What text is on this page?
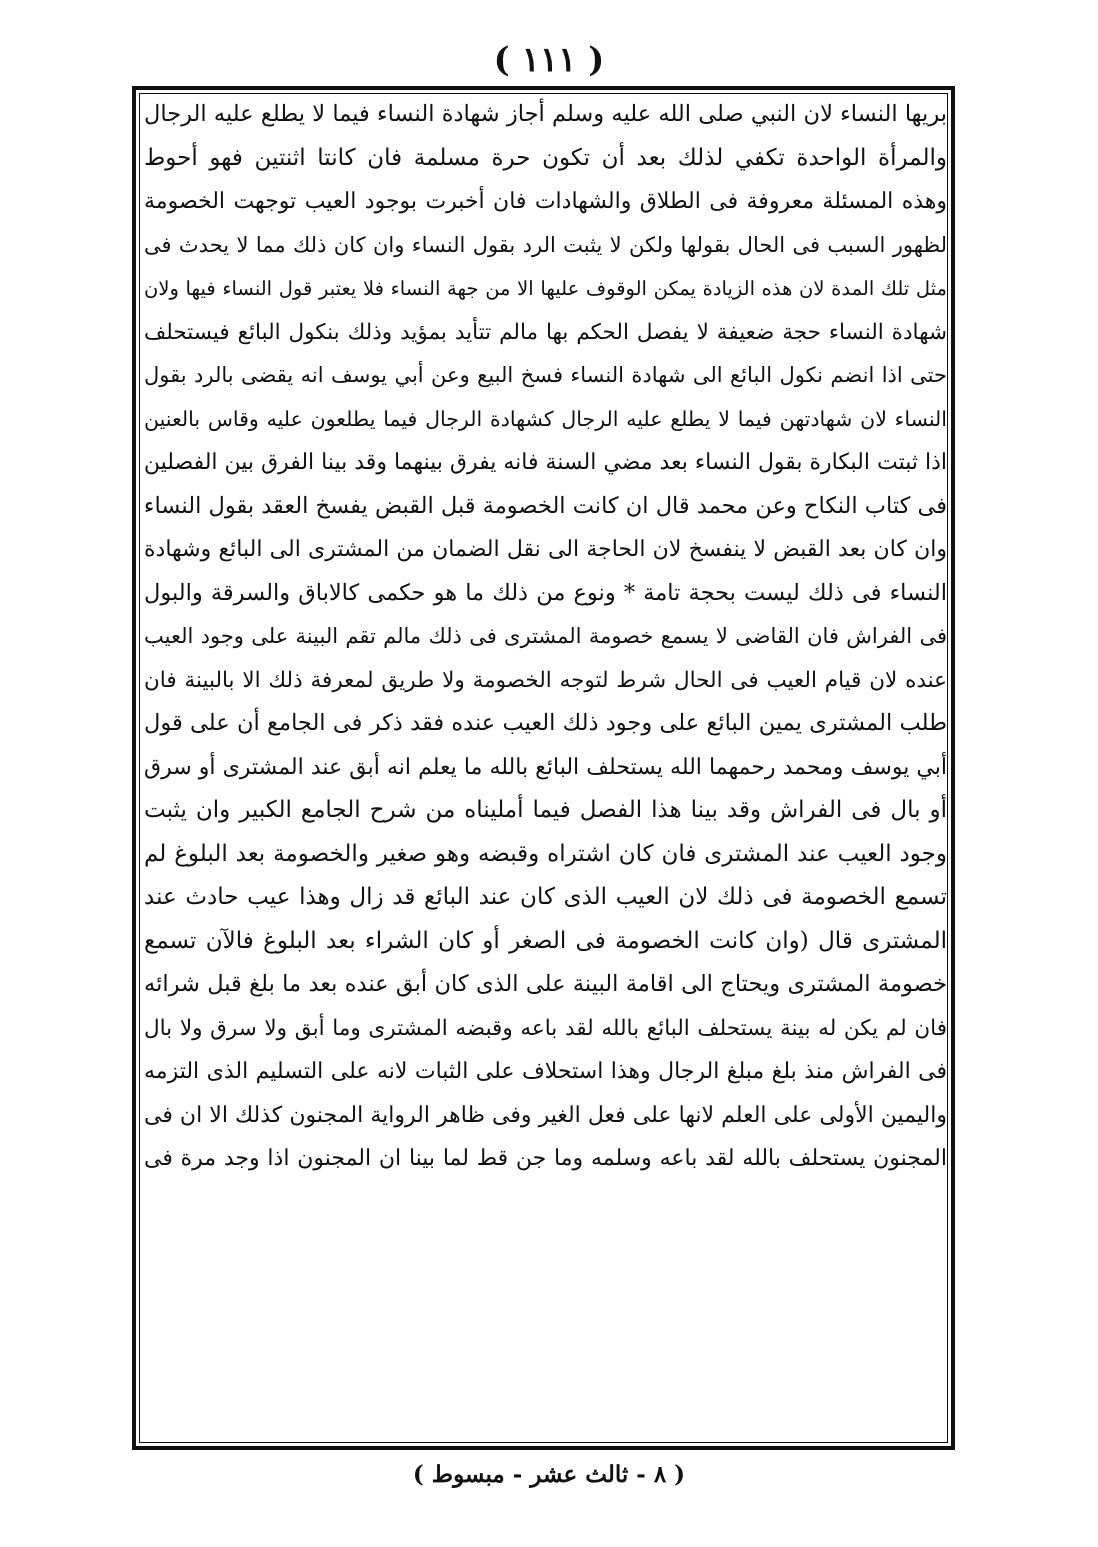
( ١١١ )
بريها النساء لان النبي صلى الله عليه وسلم أجاز شهادة النساء فيما لا يطلع عليه الرجال
والمرأة الواحدة تكفي لذلك بعد أن تكون حرة مسلمة فان كانتا اثنتين فهو أحوط
وهذه المسئلة معروفة فى الطلاق والشهادات فان أخبرت بوجود العيب توجهت الخصومة
لظهور السبب فى الحال بقولها ولكن لا يثبت الرد بقول النساء وان كان ذلك مما لا يحدث فى
مثل تلك المدة لان هذه الزيادة يمكن الوقوف عليها الا من جهة النساء فلا يعتبر قول النساء فيها ولان
شهادة النساء حجة ضعيفة لا يفصل الحكم بها مالم تتأيد بمؤيد وذلك بنكول البائع فيستحلف
حتى اذا انضم نكول البائع الى شهادة النساء فسخ البيع وعن أبي يوسف انه يقضى بالرد بقول
النساء لان شهادتهن فيما لا يطلع عليه الرجال كشهادة الرجال فيما يطلعون عليه وقاس بالعنين
اذا ثبتت البكارة بقول النساء بعد مضي السنة فانه يفرق بينهما وقد بينا الفرق بين الفصلين
فى كتاب النكاح وعن محمد قال ان كانت الخصومة قبل القبض يفسخ العقد بقول النساء
وان كان بعد القبض لا ينفسخ لان الحاجة الى نقل الضمان من المشترى الى البائع وشهادة
النساء فى ذلك ليست بحجة تامة * ونوع من ذلك ما هو حكمى كالاباق والسرقة والبول
فى الفراش فان القاضى لا يسمع خصومة المشترى فى ذلك مالم تقم البينة على وجود العيب
عنده لان قيام العيب فى الحال شرط لتوجه الخصومة ولا طريق لمعرفة ذلك الا بالبينة فان
طلب المشترى يمين البائع على وجود ذلك العيب عنده فقد ذكر فى الجامع أن على قول
أبي يوسف ومحمد رحمهما الله يستحلف البائع بالله ما يعلم انه أبق عند المشترى أو سرق
أو بال فى الفراش وقد بينا هذا الفصل فيما أمليناه من شرح الجامع الكبير وان يثبت
وجود العيب عند المشترى فان كان اشتراه وقبضه وهو صغير والخصومة بعد البلوغ لم
تسمع الخصومة فى ذلك لان العيب الذى كان عند البائع قد زال وهذا عيب حادث عند
المشترى قال (وان كانت الخصومة فى الصغر أو كان الشراء بعد البلوغ فالآن تسمع
خصومة المشترى ويحتاج الى اقامة البينة على الذى كان أبق عنده بعد ما بلغ قبل شرائه
فان لم يكن له بينة يستحلف البائع بالله لقد باعه وقبضه المشترى وما أبق ولا سرق ولا بال
فى الفراش منذ بلغ مبلغ الرجال وهذا استحلاف على الثبات لانه على التسليم الذى التزمه
واليمين الأولى على العلم لانها على فعل الغير وفى ظاهر الرواية المجنون كذلك الا ان فى
المجنون يستحلف بالله لقد باعه وسلمه وما جن قط لما بينا ان المجنون اذا وجد مرة فى
( ٨ - ثالث عشر - مبسوط )
